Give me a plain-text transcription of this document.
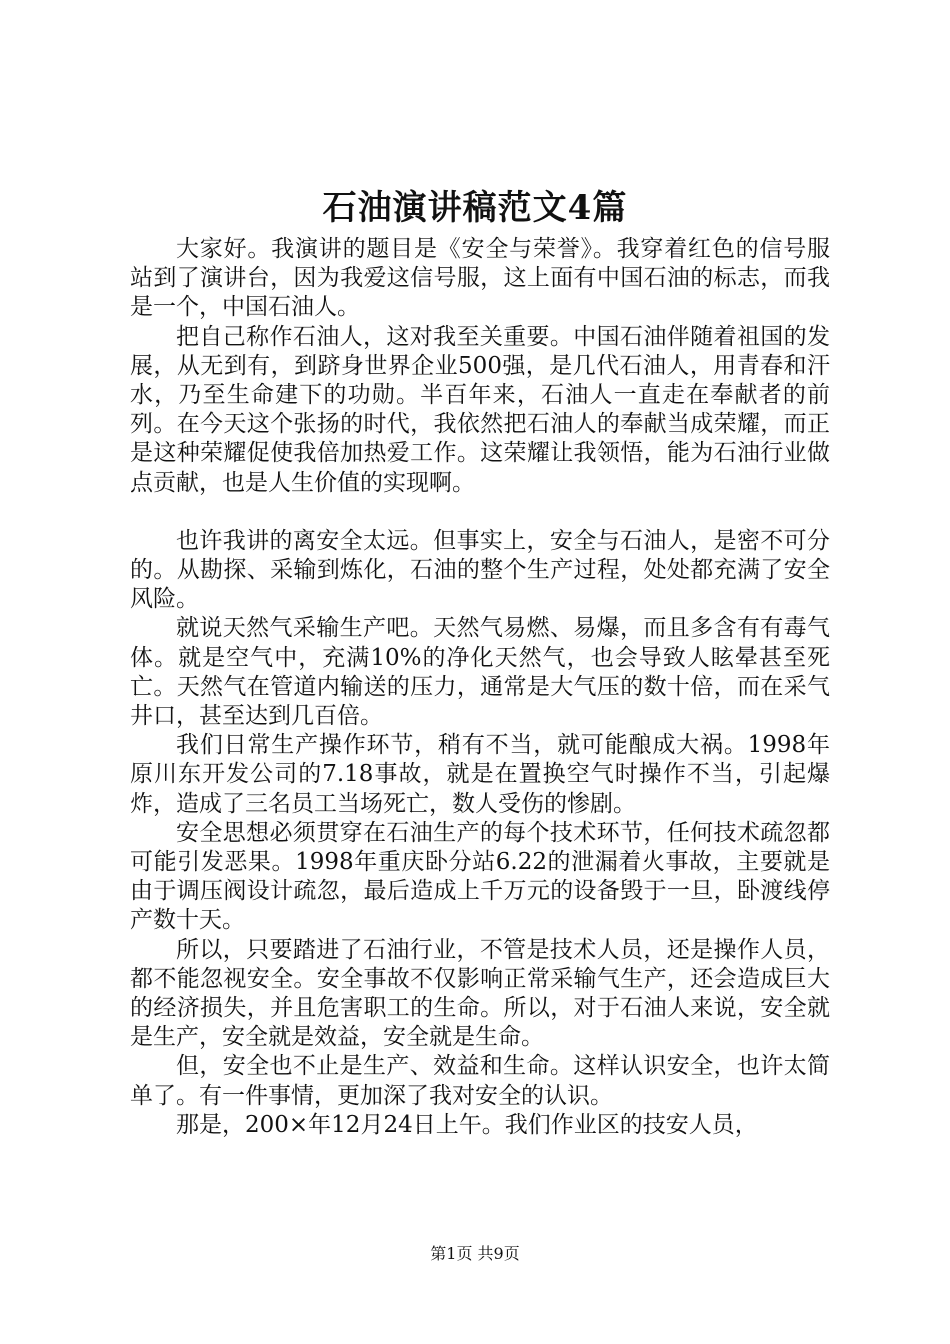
石油演讲稿范文4篇

大家好。我演讲的题目是《安全与荣誉》。我穿着红色的信号服站到了演讲台，因为我爱这信号服，这上面有中国石油的标志，而我是一个，中国石油人。

把自己称作石油人，这对我至关重要。中国石油伴随着祖国的发展，从无到有，到跻身世界企业500强，是几代石油人，用青春和汗水，乃至生命建下的功勋。半百年来，石油人一直走在奉献者的前列。在今天这个张扬的时代，我依然把石油人的奉献当成荣耀，而正是这种荣耀促使我倍加热爱工作。这荣耀让我领悟，能为石油行业做点贡献，也是人生价值的实现啊。

也许我讲的离安全太远。但事实上，安全与石油人，是密不可分的。从勘探、采输到炼化，石油的整个生产过程，处处都充满了安全风险。

就说天然气采输生产吧。天然气易燃、易爆，而且多含有有毒气体。就是空气中，充满10%的净化天然气，也会导致人眩晕甚至死亡。天然气在管道内输送的压力，通常是大气压的数十倍，而在采气井口，甚至达到几百倍。

我们日常生产操作环节，稍有不当，就可能酿成大祸。1998年原川东开发公司的7.18事故，就是在置换空气时操作不当，引起爆炸，造成了三名员工当场死亡，数人受伤的惨剧。

安全思想必须贯穿在石油生产的每个技术环节，任何技术疏忽都可能引发恶果。1998年重庆卧分站6.22的泄漏着火事故，主要就是由于调压阀设计疏忽，最后造成上千万元的设备毁于一旦，卧渡线停产数十天。

所以，只要踏进了石油行业，不管是技术人员，还是操作人员，都不能忽视安全。安全事故不仅影响正常采输气生产，还会造成巨大的经济损失，并且危害职工的生命。所以，对于石油人来说，安全就是生产，安全就是效益，安全就是生命。

但，安全也不止是生产、效益和生命。这样认识安全，也许太简单了。有一件事情，更加深了我对安全的认识。

那是，200×年12月24日上午。我们作业区的技安人员，

第1页 共9页
